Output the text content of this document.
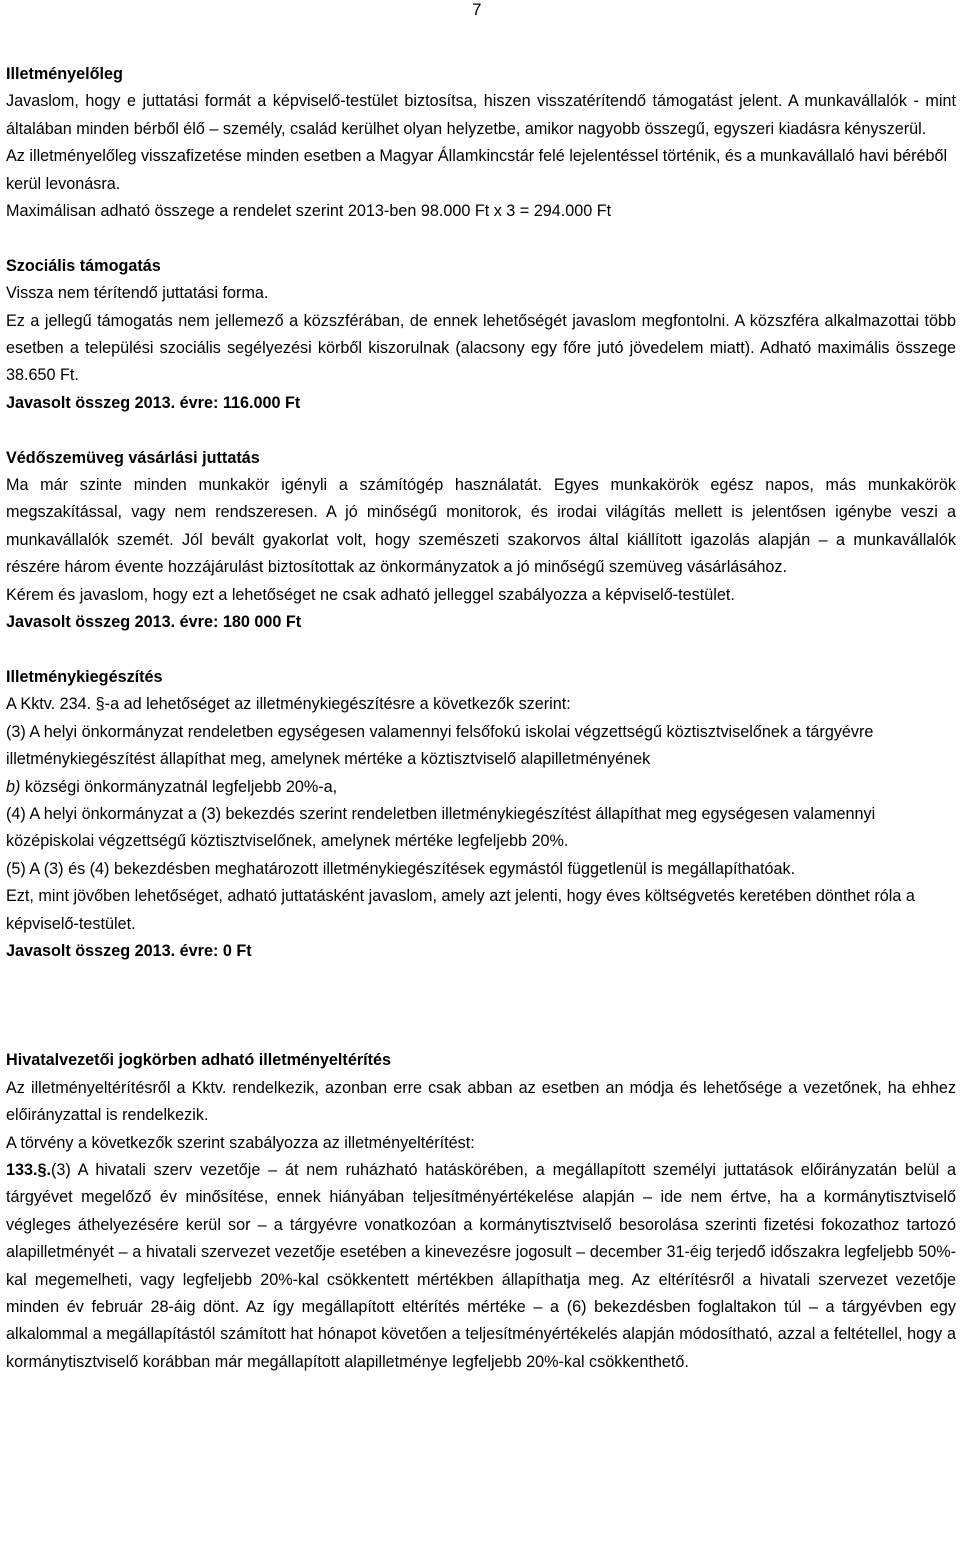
7

Illetményelőleg

Javaslom, hogy e juttatási formát a képviselő-testület biztosítsa, hiszen visszatérítendő támogatást jelent. A munkavállalók - mint általában minden bérből élő – személy, család kerülhet olyan helyzetbe, amikor nagyobb összegű, egyszeri kiadásra kényszerül.

Az illetményelőleg visszafizetése minden esetben a Magyar Államkincstár felé lejelentéssel történik, és a munkavállaló havi béréből kerül levonásra.

Maximálisan adható összege a rendelet szerint 2013-ben 98.000 Ft x 3 = 294.000 Ft

Szociális támogatás

Vissza nem térítendő juttatási forma.

Ez a jellegű támogatás nem jellemező a közszférában, de ennek lehetőségét javaslom megfontolni. A közszféra alkalmazottai több esetben a települési szociális segélyezési körből kiszorulnak (alacsony egy főre jutó jövedelem miatt). Adható maximális összege 38.650 Ft.

Javasolt összeg 2013. évre: 116.000 Ft

Védőszemüveg vásárlási juttatás

Ma már szinte minden munkakör igényli a számítógép használatát. Egyes munkakörök egész napos, más munkakörök megszakítással, vagy nem rendszeresen. A jó minőségű monitorok, és irodai világítás mellett is jelentősen igénybe veszi a munkavállalók szemét. Jól bevált gyakorlat volt, hogy szemészeti szakorvos által kiállított igazolás alapján – a munkavállalók részére három évente hozzájárulást biztosítottak az önkormányzatok a jó minőségű szemüveg vásárlásához.

Kérem és javaslom, hogy ezt a lehetőséget ne csak adható jelleggel szabályozza a képviselő-testület.

Javasolt összeg 2013. évre: 180 000 Ft

Illetménykiegészítés

A Kktv. 234. §-a ad lehetőséget az illetménykiegészítésre a következők szerint:

(3) A helyi önkormányzat rendeletben egységesen valamennyi felsőfokú iskolai végzettségű köztisztviselőnek a tárgyévre illetménykiegészítést állapíthat meg, amelynek mértéke a köztisztviselő alapilletményének

b) községi önkormányzatnál legfeljebb 20%-a,

(4) A helyi önkormányzat a (3) bekezdés szerint rendeletben illetménykiegészítést állapíthat meg egységesen valamennyi középiskolai végzettségű köztisztviselőnek, amelynek mértéke legfeljebb 20%.

(5) A (3) és (4) bekezdésben meghatározott illetménykiegészítések egymástól függetlenül is megállapíthatóak.

Ezt, mint jövőben lehetőséget, adható juttatásként javaslom, amely azt jelenti, hogy éves költségvetés keretében dönthet róla a képviselő-testület.

Javasolt összeg 2013. évre: 0 Ft

Hivatalvezetői jogkörben adható illetményeltérítés

Az illetményeltérítésről a Kktv. rendelkezik, azonban erre csak abban az esetben an módja és lehetősége a vezetőnek, ha ehhez előirányzattal is rendelkezik.

A törvény a következők szerint szabályozza az illetményeltérítést:

133.§.(3) A hivatali szerv vezetője – át nem ruházható hatáskörében, a megállapított személyi juttatások előirányzatán belül a tárgyévet megelőző év minősítése, ennek hiányában teljesítményértékelése alapján – ide nem értve, ha a kormánytisztviselő végleges áthelyezésére kerül sor – a tárgyévre vonatkozóan a kormánytisztviselő besorolása szerinti fizetési fokozathoz tartozó alapilletményét – a hivatali szervezet vezetője esetében a kinevezésre jogosult – december 31-éig terjedő időszakra legfeljebb 50%-kal megemelheti, vagy legfeljebb 20%-kal csökkentett mértékben állapíthatja meg. Az eltérítésről a hivatali szervezet vezetője minden év február 28-áig dönt. Az így megállapított eltérítés mértéke – a (6) bekezdésben foglaltakon túl – a tárgyévben egy alkalommal a megállapítástól számított hat hónapot követően a teljesítményértékelés alapján módosítható, azzal a feltétellel, hogy a kormánytisztviselő korábban már megállapított alapilletménye legfeljebb 20%-kal csökkenthető.
